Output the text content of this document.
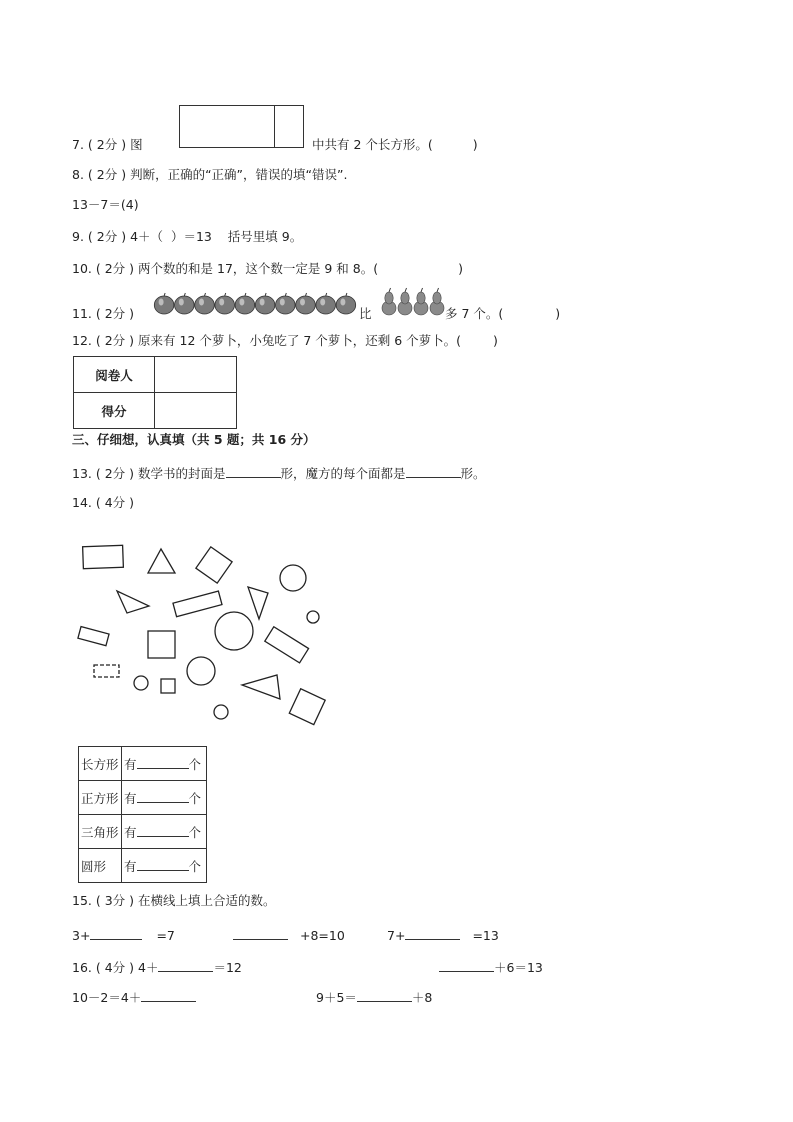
7. ( 2分 ) 图	中共有 2 个长方形。(	)
8. ( 2分 ) 判断，正确的“正确”，错误的填“错误”.
13－7＝(4)
9. ( 2分 ) 4＋（  ）＝13    括号里填 9。
10. ( 2分 ) 两个数的和是 17，这个数一定是 9 和 8。(	)
11. ( 2分 )	比	多 7 个。(	)
12. ( 2分 ) 原来有 12 个萝卜，小兔吃了 7 个萝卜，还剩 6 个萝卜。(	)
阅卷人	
得分	
三、仔细想，认真填（共 5 题；共 16 分）
13. ( 2分 ) 数学书的封面是	形，魔方的每个面都是	形。
14. ( 4分 )
长方形	有 个
正方形	有 个
三角形	有 个
圆形	有 个
15. ( 3分 ) 在横线上填上合适的数。
3+	=7	+8=10	7+	=13
16. ( 4分 ) 4＋	＝12	＋6＝13
10－2＝4＋	9＋5＝	＋8
